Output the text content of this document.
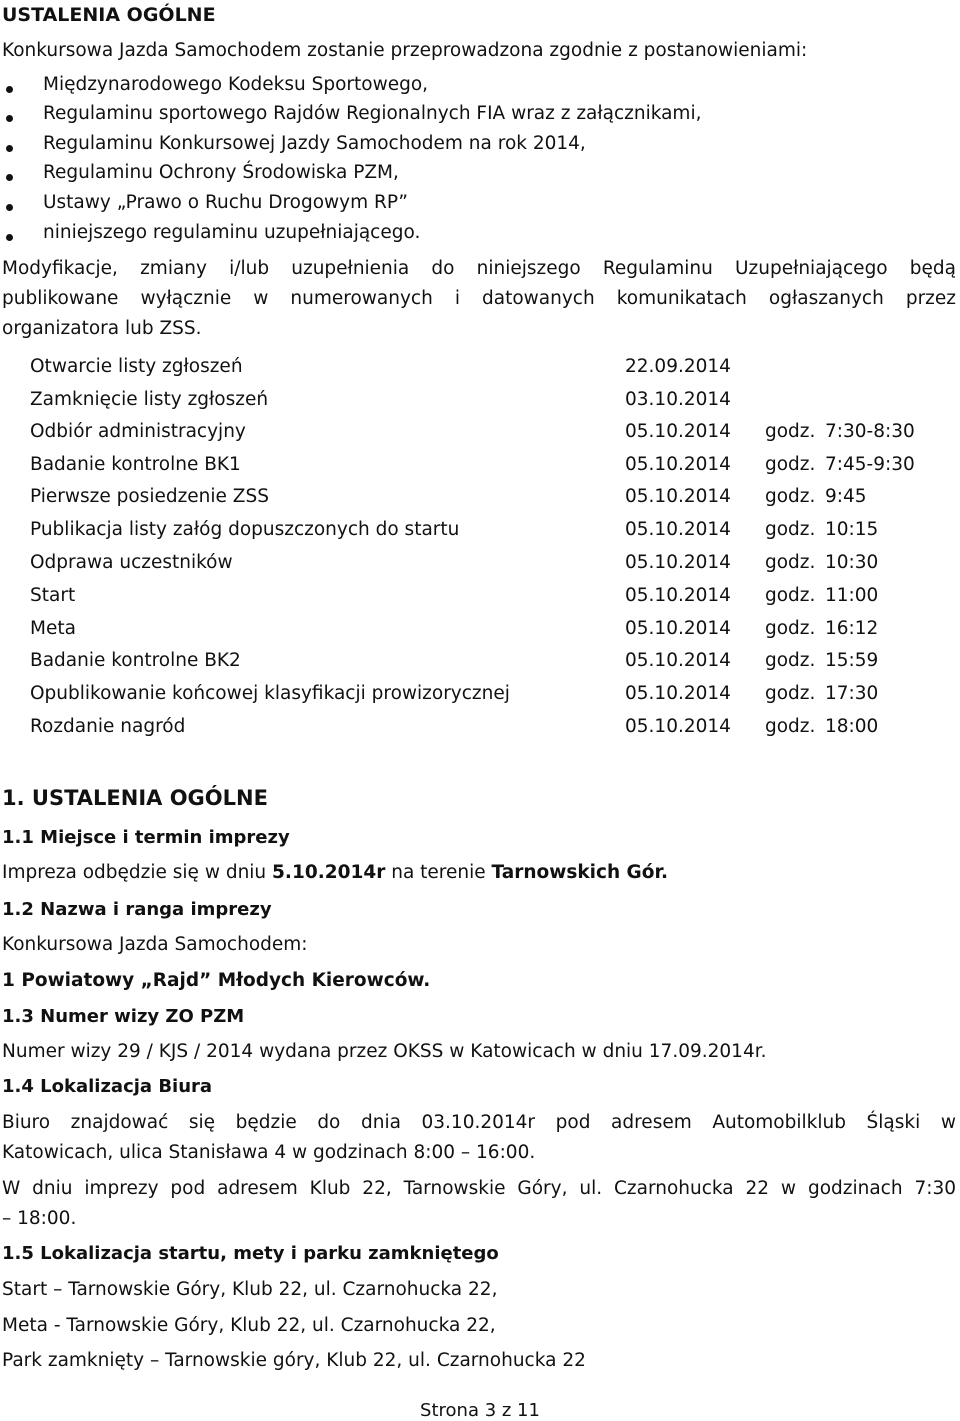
USTALENIA OGÓLNE
Konkursowa Jazda Samochodem zostanie przeprowadzona zgodnie z postanowieniami:
Międzynarodowego Kodeksu Sportowego,
Regulaminu sportowego Rajdów Regionalnych FIA wraz z załącznikami,
Regulaminu Konkursowej Jazdy Samochodem na rok 2014,
Regulaminu Ochrony Środowiska PZM,
Ustawy „Prawo o Ruchu Drogowym RP”
niniejszego regulaminu uzupełniającego.
Modyfikacje, zmiany i/lub uzupełnienia do niniejszego Regulaminu Uzupełniającego będą
publikowane wyłącznie w numerowanych i datowanych komunikatach ogłaszanych przez
organizatora lub ZSS.
Otwarcie listy zgłoszeń	22.09.2014
Zamknięcie listy zgłoszeń	03.10.2014
Odbiór administracyjny	05.10.2014 godz. 7:30-8:30
Badanie kontrolne BK1	05.10.2014 godz. 7:45-9:30
Pierwsze posiedzenie ZSS	05.10.2014 godz. 9:45
Publikacja listy załóg dopuszczonych do startu	05.10.2014 godz. 10:15
Odprawa uczestników	05.10.2014 godz. 10:30
Start	05.10.2014 godz. 11:00
Meta	05.10.2014 godz. 16:12
Badanie kontrolne BK2	05.10.2014 godz. 15:59
Opublikowanie końcowej klasyfikacji prowizorycznej	05.10.2014 godz. 17:30
Rozdanie nagród	05.10.2014 godz. 18:00
1. USTALENIA OGÓLNE
1.1 Miejsce i termin imprezy
Impreza odbędzie się w dniu 5.10.2014r na terenie Tarnowskich Gór.
1.2 Nazwa i ranga imprezy
Konkursowa Jazda Samochodem:
1 Powiatowy „Rajd” Młodych Kierowców.
1.3 Numer wizy ZO PZM
Numer wizy 29 / KJS / 2014 wydana przez OKSS w Katowicach w dniu 17.09.2014r.
1.4 Lokalizacja Biura
Biuro znajdować się będzie do dnia 03.10.2014r pod adresem Automobilklub Śląski w
Katowicach, ulica Stanisława 4 w godzinach 8:00 – 16:00.
W dniu imprezy pod adresem Klub 22, Tarnowskie Góry, ul. Czarnohucka 22 w godzinach 7:30
– 18:00.
1.5 Lokalizacja startu, mety i parku zamkniętego
Start – Tarnowskie Góry, Klub 22, ul. Czarnohucka 22,
Meta - Tarnowskie Góry, Klub 22, ul. Czarnohucka 22,
Park zamknięty – Tarnowskie góry, Klub 22, ul. Czarnohucka 22
Strona 3 z 11
